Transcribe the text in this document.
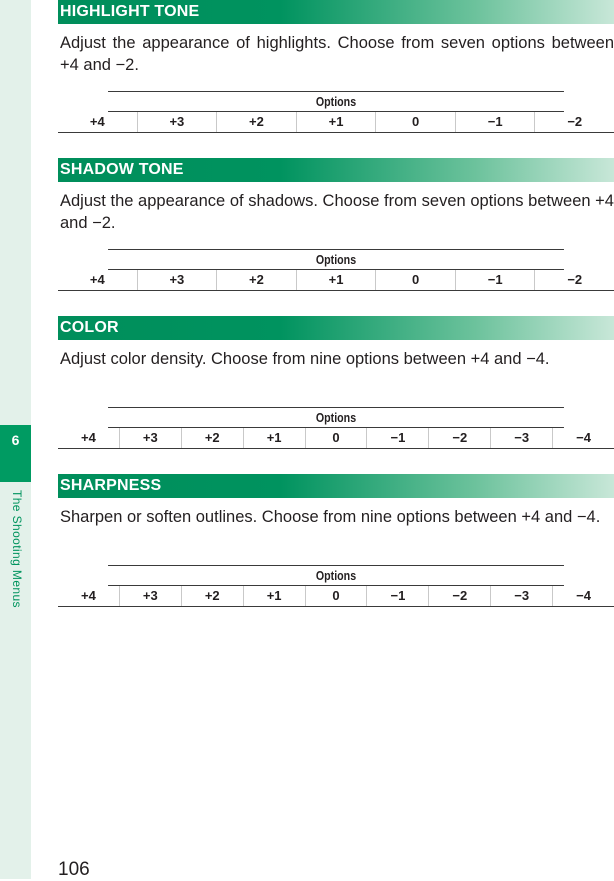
6
The Shooting Menus
HIGHLIGHT TONE
Adjust the appearance of highlights. Choose from seven options between +4 and −2.
Options
+4	+3	+2	+1	0	−1	−2
SHADOW TONE
Adjust the appearance of shadows. Choose from seven options between +4 and −2.
Options
+4	+3	+2	+1	0	−1	−2
COLOR
Adjust color density. Choose from nine options between +4 and −4.
Options
+4	+3	+2	+1	0	−1	−2	−3	−4
SHARPNESS
Sharpen or soften outlines. Choose from nine options between +4 and −4.
Options
+4	+3	+2	+1	0	−1	−2	−3	−4
106
